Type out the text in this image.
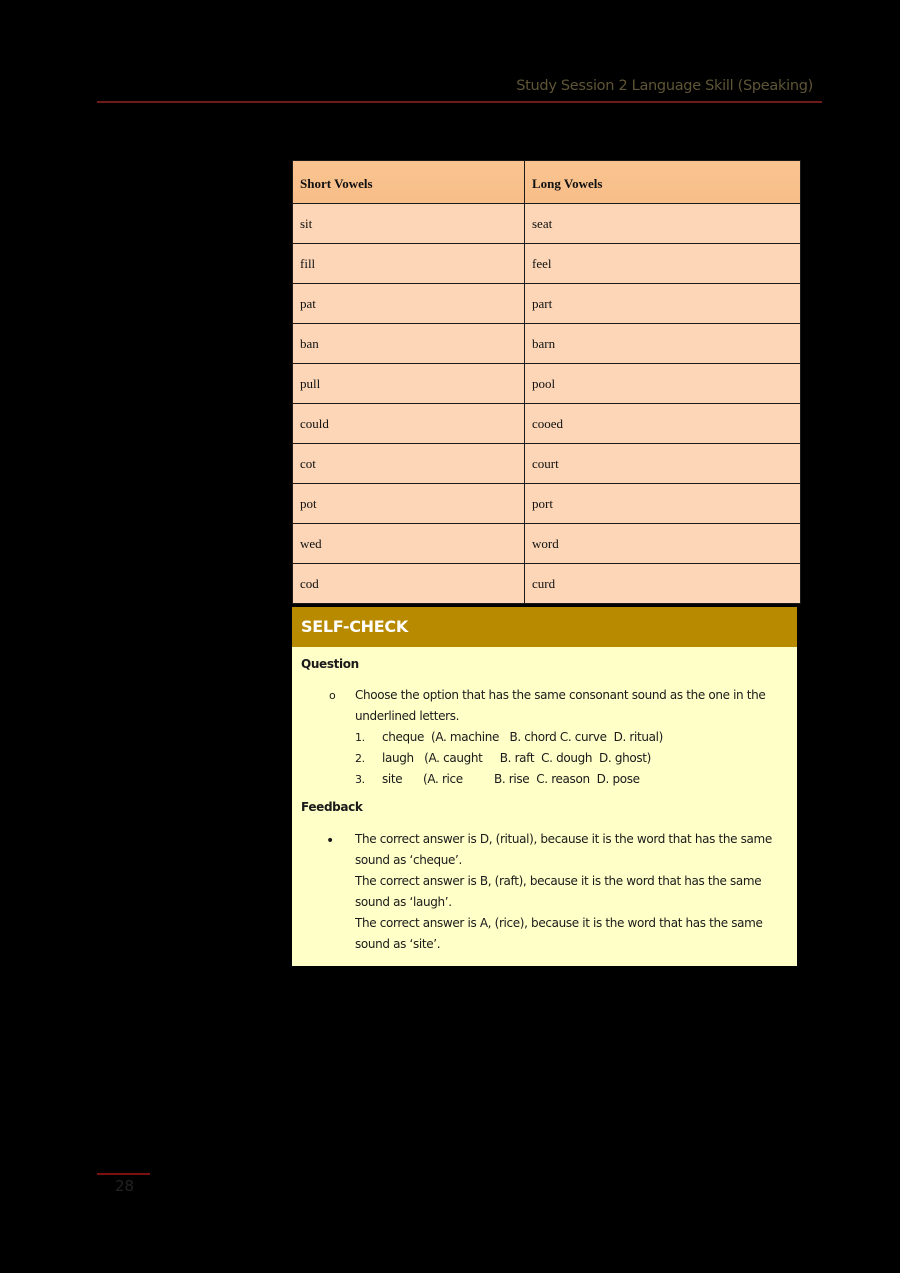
Study Session 2 Language Skill (Speaking)
Short Vowels	Long Vowels
sit	seat
fill	feel
pat	part
ban	barn
pull	pool
could	cooed
cot	court
pot	port
wed	word
cod	curd
SELF-CHECK
Question
o Choose the option that has the same consonant sound as the one in the underlined letters.
1. cheque  (A. machine   B. chord C. curve  D. ritual)
2. laugh   (A. caught     B. raft  C. dough  D. ghost)
3. site      (A. rice         B. rise  C. reason  D. pose
Feedback
• The correct answer is D, (ritual), because it is the word that has the same sound as ‘cheque’.
The correct answer is B, (raft), because it is the word that has the same sound as ‘laugh’.
The correct answer is A, (rice), because it is the word that has the same sound as ‘site’.
28
